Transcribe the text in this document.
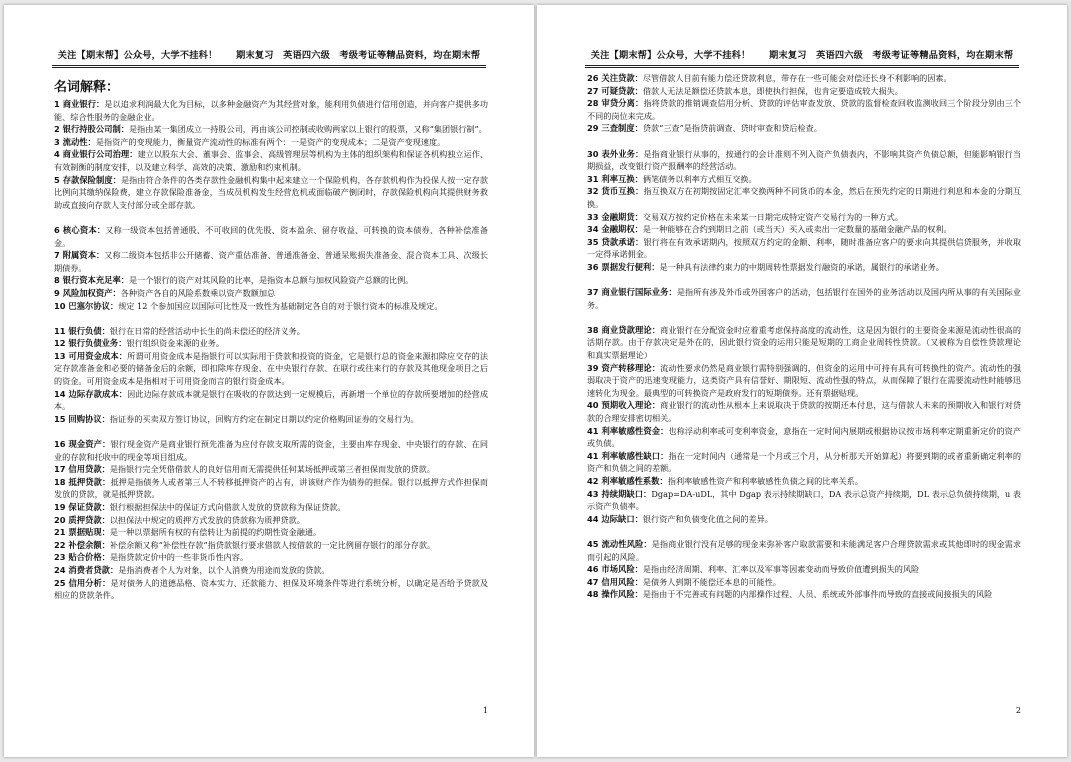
关注【期末帮】公众号，大学不挂科！　　期末复习　英语四六级　考级考证等精品资料，均在期末帮
名词解释：
1 商业银行：是以追求利润最大化为目标，以多种金融资产为其经营对象，能利用负债进行信用创造，并向客户提供多功能、综合性服务的金融企业。
2 银行持股公司制：是指由某一集团成立一持股公司，再由该公司控制或收购两家以上银行的股票，又称“集团银行制”。
3 流动性：是指资产的变现能力，衡量资产流动性的标准有两个：一是资产的变现成本；二是资产变现速度。
4 商业银行公司治理：建立以股东大会、董事会、监事会、高级管理层等机构为主体的组织架构和保证各机构独立运作、有效制衡的制度安排，以及建立科学、高效的决策、激励和约束机制。
5 存款保险制度：是指由符合条件的各类存款性金融机构集中起来建立一个保险机构，各存款机构作为投保人按一定存款比例向其缴纳保险费，建立存款保险准备金，当成员机构发生经营危机或面临破产倒闭时，存款保险机构向其提供财务救助或直接向存款人支付部分或全部存款。
6 核心资本：又称一级资本包括普通股、不可收回的优先股、资本盈余、留存收益、可转换的资本债券、各种补偿准备金。
7 附属资本：又称二级资本包括非公开储蓄、资产重估准备、普通准备金、普通呆账损失准备金、混合资本工具、次级长期债券。
8 银行资本充足率：是一个银行的资产对其风险的比率，是指资本总额与加权风险资产总额的比例。
9 风险加权资产：各种资产各自的风险系数乘以资产数额加总
10 巴塞尔协议：规定 12 个参加国应以国际可比性及一致性为基础制定各自的对于银行资本的标准及规定。
11 银行负债：银行在日常的经营活动中长生的尚未偿还的经济义务。
12 银行负债业务：银行组织资金来源的业务。
13 可用资金成本：所谓可用资金成本是指银行可以实际用于贷款和投资的资金，它是银行总的资金来源扣除应交存的法定存款准备金和必要的储备金后的余额，即扣除库存现金、在中央银行存款、在联行或往来行的存款及其他现金项目之后的资金。可用资金成本是指相对于可用资金而言的银行资金成本。
14 边际存款成本：因此边际存款成本就是银行在吸收的存款达到一定规模后，再新增一个单位的存款所要增加的经营成本。
15 回购协议：指证券的买卖双方签订协议，回购方约定在制定日期以约定价格购回证券的交易行为。
16 现金资产：银行现金资产是商业银行预先准备为应付存款支取所需的资金，主要由库存现金、中央银行的存款、在同业的存款和托收中的现金等项目组成。
17 信用贷款：是指银行完全凭借借款人的良好信用而无需提供任何某场抵押或第三者担保而发放的贷款。
18 抵押贷款：抵押是指债务人或者第三人不转移抵押资产的占有，讲该财产作为债券的担保。银行以抵押方式作担保而发放的贷款，就是抵押贷款。
19 保证贷款：银行根据担保法中的保证方式向借款人发放的贷款称为保证贷款。
20 质押贷款：以担保法中规定的质押方式发放的贷款称为质押贷款。
21 票据贴现：是一种以票据所有权的有偿转让为前提的约期性资金融通。
22 补偿余额：补偿余额又称“补偿性存款”指贷款银行要求借款人按借款的一定比例留存银行的部分存款。
23 贴合价格：是指贷款定价中的一些非货币性内容。
24 消费者贷款：是指消费者个人为对象，以个人消费为用途而发放的贷款。
25 信用分析：是对债务人的道德品格、资本实力、还款能力、担保及环境条件等进行系统分析，以确定是否给予贷款及相应的贷款条件。
1
关注【期末帮】公众号，大学不挂科！　　期末复习　英语四六级　考级考证等精品资料，均在期末帮
26 关注贷款：尽管借款人目前有能力偿还贷款利息，带存在一些可能会对偿还长身不利影响的因素。
27 可疑贷款：借款人无法足额偿还贷款本息，即使执行担保，也肯定要造成较大损失。
28 审贷分离：指将贷款的推销调查信用分析、贷款的评估审查发放、贷款的监督检查回收监测收回三个阶段分别由三个不同的岗位来完成。
29 三查制度：贷款“三查”是指贷前调查、贷时审查和贷后检查。
30 表外业务：是指商业银行从事的，按通行的会计准则不列入资产负债表内，不影响其资产负债总额，但能影响银行当期损益，改变银行资产报酬率的经营活动。
31 利率互换：俩笔债务以利率方式相互交换。
32 货币互换：指互换双方在初期按固定汇率交换两种不同货币的本金，然后在预先约定的日期进行利息和本金的分期互换。
33 金融期货：交易双方按约定价格在未来某一日期完成特定资产交易行为的一种方式。
34 金融期权：是一种能够在合约到期日之前（或当天）买入或卖出一定数量的基础金融产品的权利。
35 贷款承诺：银行将在有效承诺期内，按照双方约定的金额、利率，随时准备应客户的要求向其提供信贷服务，并收取一定得承诺佣金。
36 票据发行便利：是一种具有法律约束力的中期周转性票据发行融资的承诺，属银行的承诺业务。
37 商业银行国际业务：是指所有涉及外币或外国客户的活动，包括银行在国外的业务活动以及国内所从事的有关国际业务。
38 商业贷款理论：商业银行在分配资金时应着重考虑保持高度的流动性，这是因为银行的主要资金来源是流动性很高的活期存款。由于存款决定是外在的，因此银行资金的运用只能是短期的工商企业周转性贷款。（又被称为自偿性贷款理论和真实票据理论）
39 资产转移理论：流动性要求仍然是商业银行需特别强调的，但资金的运用中可持有具有可转换性的资产。流动性的强弱取决于资产的迅速变现能力，这类资产具有信誉好、期限短、流动性强的特点，从而保障了银行在需要流动性时能够迅速转化为现金。最典型的可转换资产是政府发行的短期债券。还有票据贴现。
40 预期收入理论：商业银行的流动性从根本上来说取决于贷款的按期还本付息，这与借款人未来的预期收入和银行对贷款的合理安排密切相关。
41 利率敏感性资金：也称浮动利率或可变利率资金，意指在一定时间内展期或根据协议按市场利率定期重新定价的资产或负债。
41 利率敏感性缺口：指在一定时间内（通常是一个月或三个月，从分析那天开始算起）将要到期的或者重新确定利率的资产和负债之间的差额。
42 利率敏感性系数：指利率敏感性资产和利率敏感性负债之间的比率关系。
43 持续期缺口：Dgap=DA-uDL，其中 Dgap 表示持续期缺口，DA 表示总资产持续期，DL 表示总负债持续期，u 表示资产负债率。
44 边际缺口：银行资产和负债变化值之间的差异。
45 流动性风险：是指商业银行没有足够的现金来弥补客户取款需要和未能满足客户合理贷款需求或其他即时的现金需求而引起的风险。
46 市场风险：是指由经济周期、利率、汇率以及军事等因素变动而导致价值遭到损失的风险
47 信用风险：是债务人到期不能偿还本息的可能性。
48 操作风险：是指由于不完善或有问题的内部操作过程、人员、系统或外部事件而导致的直接或间接损失的风险
2
